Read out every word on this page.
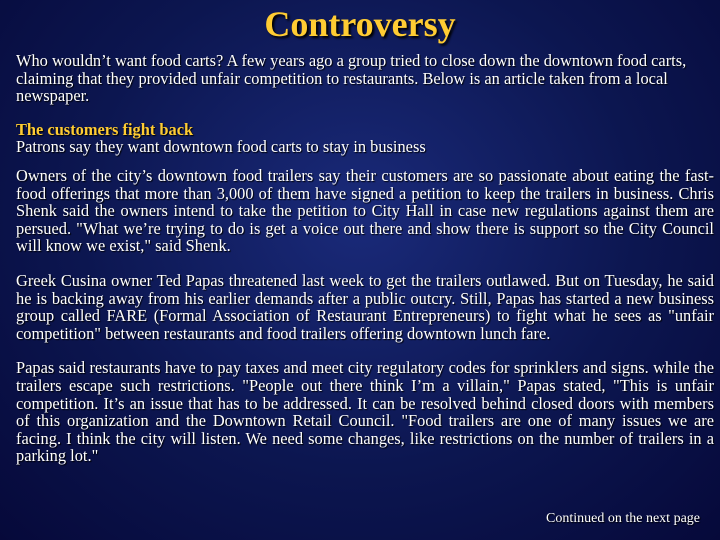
Controversy

Who wouldn’t want food carts? A few years ago a group tried to close down the downtown food carts, claiming that they provided unfair competition to restaurants. Below is an article taken from a local newspaper.

The customers fight back

Patrons say they want downtown food carts to stay in business

Owners of the city’s downtown food trailers say their customers are so passionate about eating the fast-food offerings that more than 3,000 of them have signed a petition to keep the trailers in business. Chris Shenk said the owners intend to take the petition to City Hall in case new regulations against them are persued. "What we’re trying to do is get a voice out there and show there is support so the City Council will know we exist," said Shenk.

Greek Cusina owner Ted Papas threatened last week to get the trailers outlawed. But on Tuesday, he said he is backing away from his earlier demands after a public outcry. Still, Papas has started a new business group called FARE (Formal Association of Restaurant Entrepreneurs) to fight what he sees as "unfair competition" between restaurants and food trailers offering downtown lunch fare.

Papas said restaurants have to pay taxes and meet city regulatory codes for sprinklers and signs. while the trailers escape such restrictions. "People out there think I’m a villain," Papas stated, "This is unfair competition. It’s an issue that has to be addressed. It can be resolved behind closed doors with members of this organization and the Downtown Retail Council. "Food trailers are one of many issues we are facing. I think the city will listen. We need some changes, like restrictions on the number of trailers in a parking lot."

Continued on the next page
